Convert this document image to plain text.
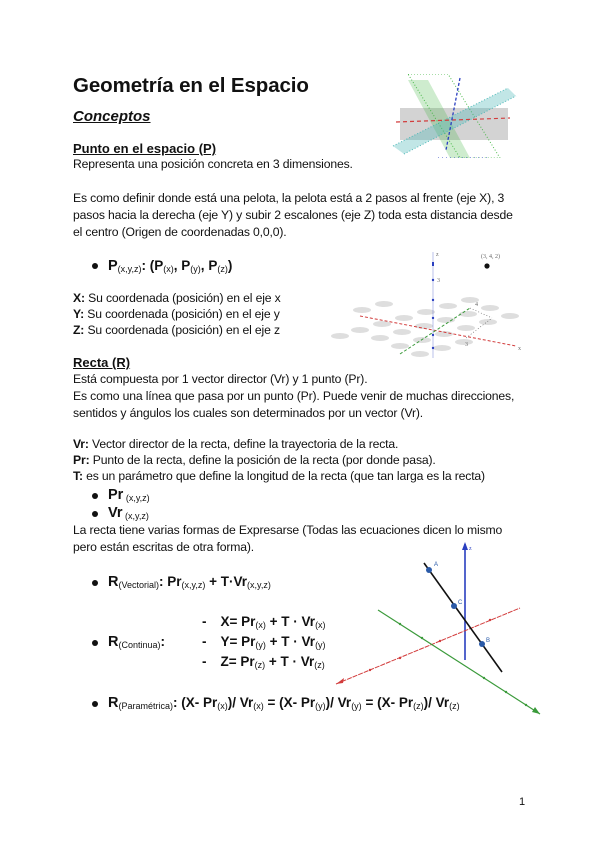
Geometría en el Espacio
Conceptos
Punto en el espacio (P)
Representa una posición concreta en 3 dimensiones.
Es como definir donde está una pelota, la pelota está a 2 pasos al frente (eje X), 3
pasos hacia la derecha (eje Y) y subir 2 escalones (eje Z) toda esta distancia desde
el centro (Origen de coordenadas 0,0,0).
$P_{(x,y,z)}$: ($P_{(x)}$, $P_{(y)}$, $P_{(z)}$)
X: Su coordenada (posición) en el eje x
Y: Su coordenada (posición) en el eje y
Z: Su coordenada (posición) en el eje z
(3, 4, 2)
z
3
4
3
x
Recta (R)
Está compuesta por 1 vector director (Vr) y 1 punto (Pr).
Es como una línea que pasa por un punto (Pr). Puede venir de muchas direcciones,
sentidos y ángulos los cuales son determinados por un vector (Vr).
Vr: Vector director de la recta, define la trayectoria de la recta.
Pr: Punto de la recta, define la posición de la recta (por donde pasa).
T: es un parámetro que define la longitud de la recta (que tan larga es la recta)
Pr $_{(x,y,z)}$
Vr $_{(x,y,z)}$
La recta tiene varias formas de Expresarse (Todas las ecuaciones dicen lo mismo
pero están escritas de otra forma).
$R_{(Vectorial)}$: $Pr_{(x,y,z)} + T\cdot Vr_{(x,y,z)}$
$R_{(Continua)}$:
- $X= Pr_{(x)} + T \cdot Vr_{(x)}$
- $Y= Pr_{(y)} + T \cdot Vr_{(y)}$
- $Z= Pr_{(z)} + T \cdot Vr_{(z)}$
$R_{(Paramétrica)}$: (X- $Pr_{(x)})/$ $Vr_{(x)} = (X-$ $Pr_{(y)})/$ $Vr_{(y)} = (X-$ $Pr_{(z)})/$ $Vr_{(z)}$
z
A
C
B
1
